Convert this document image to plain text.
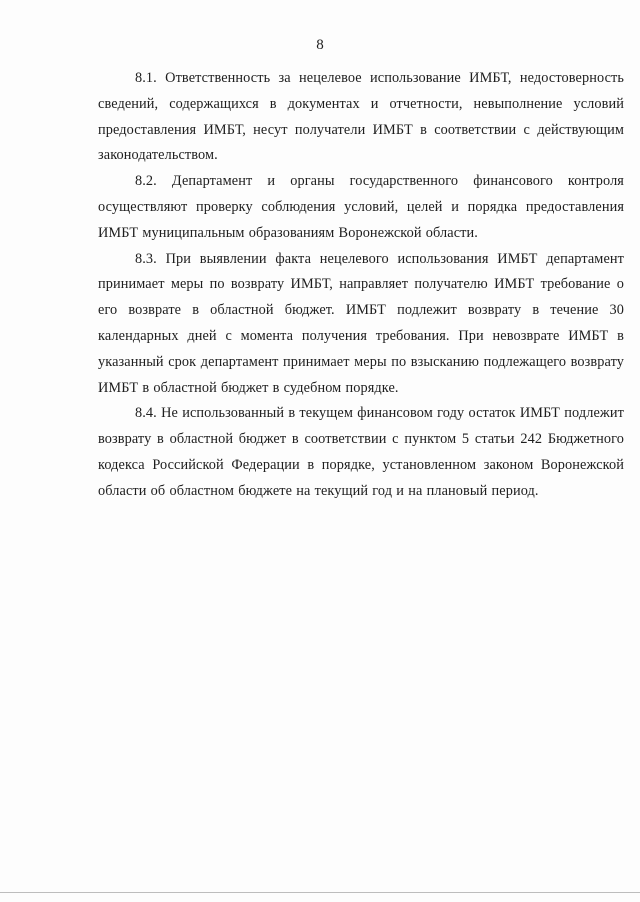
8

8.1. Ответственность за нецелевое использование ИМБТ, недостоверность сведений, содержащихся в документах и отчетности, невыполнение условий предоставления ИМБТ, несут получатели ИМБТ в соответствии с действующим законодательством.

8.2. Департамент и органы государственного финансового контроля осуществляют проверку соблюдения условий, целей и порядка предоставления ИМБТ муниципальным образованиям Воронежской области.

8.3. При выявлении факта нецелевого использования ИМБТ департамент принимает меры по возврату ИМБТ, направляет получателю ИМБТ требование о его возврате в областной бюджет. ИМБТ подлежит возврату в течение 30 календарных дней с момента получения требования. При невозврате ИМБТ в указанный срок департамент принимает меры по взысканию подлежащего возврату ИМБТ в областной бюджет в судебном порядке.

8.4. Не использованный в текущем финансовом году остаток ИМБТ подлежит возврату в областной бюджет в соответствии с пунктом 5 статьи 242 Бюджетного кодекса Российской Федерации в порядке, установленном законом Воронежской области об областном бюджете на текущий год и на плановый период.
